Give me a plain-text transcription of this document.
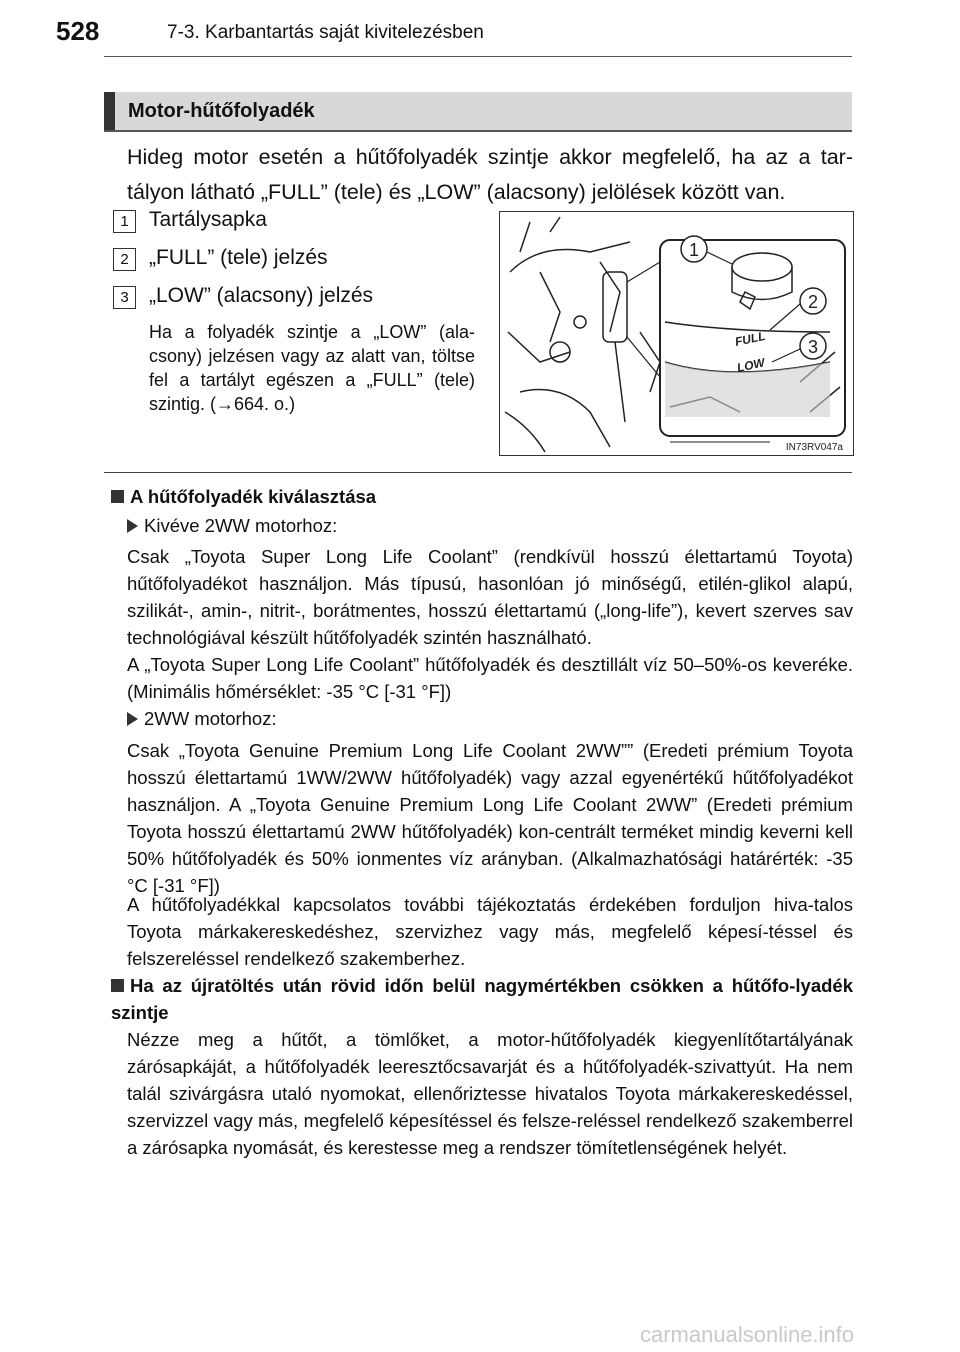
528	7-3. Karbantartás saját kivitelezésben
Motor-hűtőfolyadék
Hideg motor esetén a hűtőfolyadék szintje akkor megfelelő, ha az a tar-tályon látható „FULL” (tele) és „LOW” (alacsony) jelölések között van.
1 Tartálysapka
2 „FULL” (tele) jelzés
3 „LOW” (alacsony) jelzés
Ha a folyadék szintje a „LOW” (ala-csony) jelzésen vagy az alatt van, töltse fel a tartályt egészen a „FULL” (tele) szintig. (→664. o.)
FULL
LOW
1
2
3
IN73RV047a
A hűtőfolyadék kiválasztása
Kivéve 2WW motorhoz:
Csak „Toyota Super Long Life Coolant” (rendkívül hosszú élettartamú Toyota) hűtőfolyadékot használjon. Más típusú, hasonlóan jó minőségű, etilén-glikol alapú, szilikát-, amin-, nitrit-, borátmentes, hosszú élettartamú („long-life”), kevert szerves sav technológiával készült hűtőfolyadék szintén használható.
A „Toyota Super Long Life Coolant” hűtőfolyadék és desztillált víz 50–50%-os keveréke. (Minimális hőmérséklet: -35 °C [-31 °F])
2WW motorhoz:
Csak „Toyota Genuine Premium Long Life Coolant 2WW”” (Eredeti prémium Toyota hosszú élettartamú 1WW/2WW hűtőfolyadék) vagy azzal egyenértékű hűtőfolyadékot használjon. A „Toyota Genuine Premium Long Life Coolant 2WW” (Eredeti prémium Toyota hosszú élettartamú 2WW hűtőfolyadék) kon-centrált terméket mindig keverni kell 50% hűtőfolyadék és 50% ionmentes víz arányban. (Alkalmazhatósági határérték: -35 °C [-31 °F])
A hűtőfolyadékkal kapcsolatos további tájékoztatás érdekében forduljon hiva-talos Toyota márkakereskedéshez, szervizhez vagy más, megfelelő képesí-téssel és felszereléssel rendelkező szakemberhez.
Ha az újratöltés után rövid időn belül nagymértékben csökken a hűtőfo-lyadék szintje
Nézze meg a hűtőt, a tömlőket, a motor-hűtőfolyadék kiegyenlítőtartályának zárósapkáját, a hűtőfolyadék leeresztőcsavarját és a hűtőfolyadék-szivattyút. Ha nem talál szivárgásra utaló nyomokat, ellenőriztesse hivatalos Toyota márkakereskedéssel, szervizzel vagy más, megfelelő képesítéssel és felsze-reléssel rendelkező szakemberrel a zárósapka nyomását, és kerestesse meg a rendszer tömítetlenségének helyét.
carmanualsonline.info
